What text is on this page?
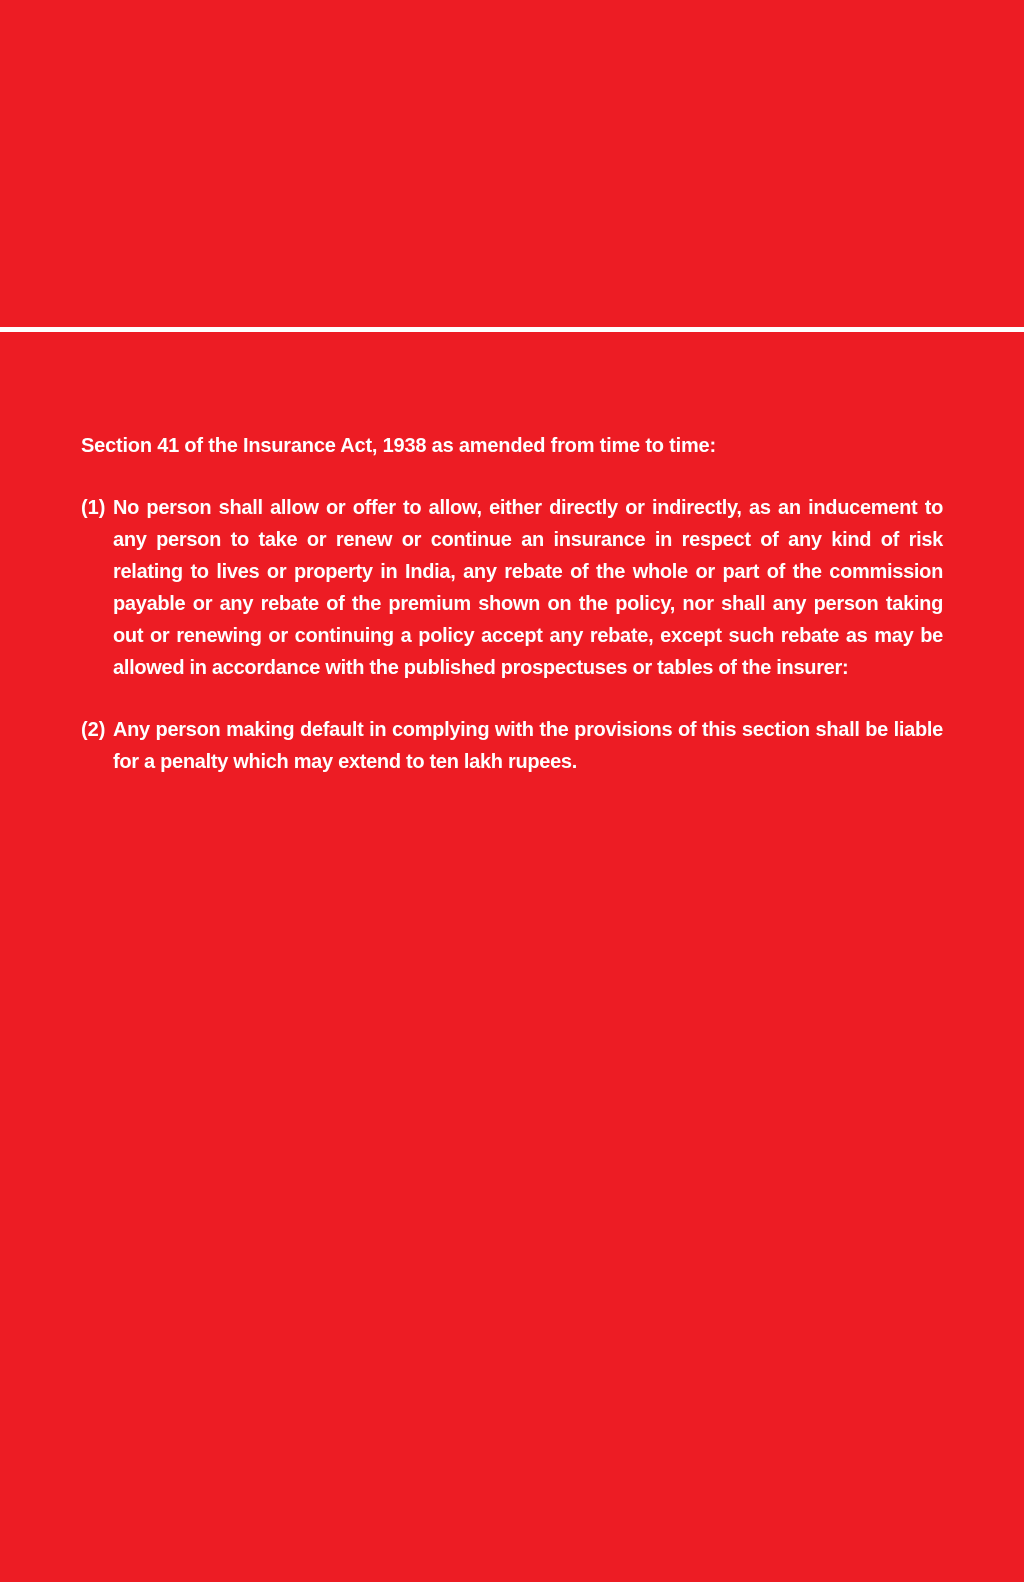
Section 41 of the Insurance Act, 1938 as amended from time to time:
(1) No person shall allow or offer to allow, either directly or indirectly, as an inducement to any person to take or renew or continue an insurance in respect of any kind of risk relating to lives or property in India, any rebate of the whole or part of the commission payable or any rebate of the premium shown on the policy, nor shall any person taking out or renewing or continuing a policy accept any rebate, except such rebate as may be allowed in accordance with the published prospectuses or tables of the insurer:
(2) Any person making default in complying with the provisions of this section shall be liable for a penalty which may extend to ten lakh rupees.
